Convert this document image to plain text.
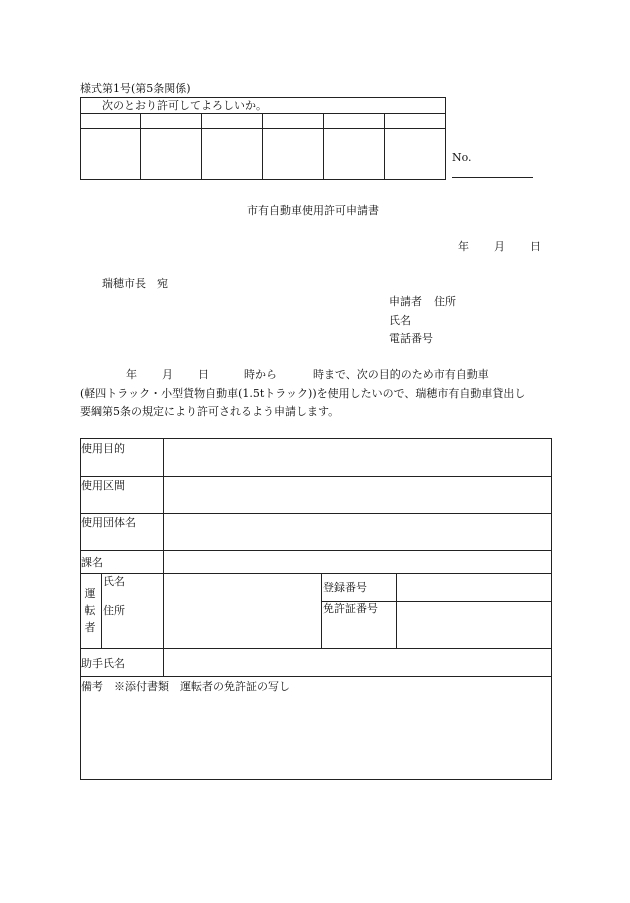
様式第1号(第5条関係)
次のとおり許可してよろしいか。
No.
市有自動車使用許可申請書
年 月 日
瑞穂市長　宛
申請者 住所
氏名
電話番号
年 月 日	時から	時まで、次の目的のため市有自動車
(軽四トラック・小型貨物自動車(1.5tトラック))を使用したいので、瑞穂市有自動車貸出し
要綱第5条の規定により許可されるよう申請します。
使用目的
使用区間
使用団体名
課名
運転者
氏名
住所
登録番号
免許証番号
助手氏名
備考　※添付書類　運転者の免許証の写し
